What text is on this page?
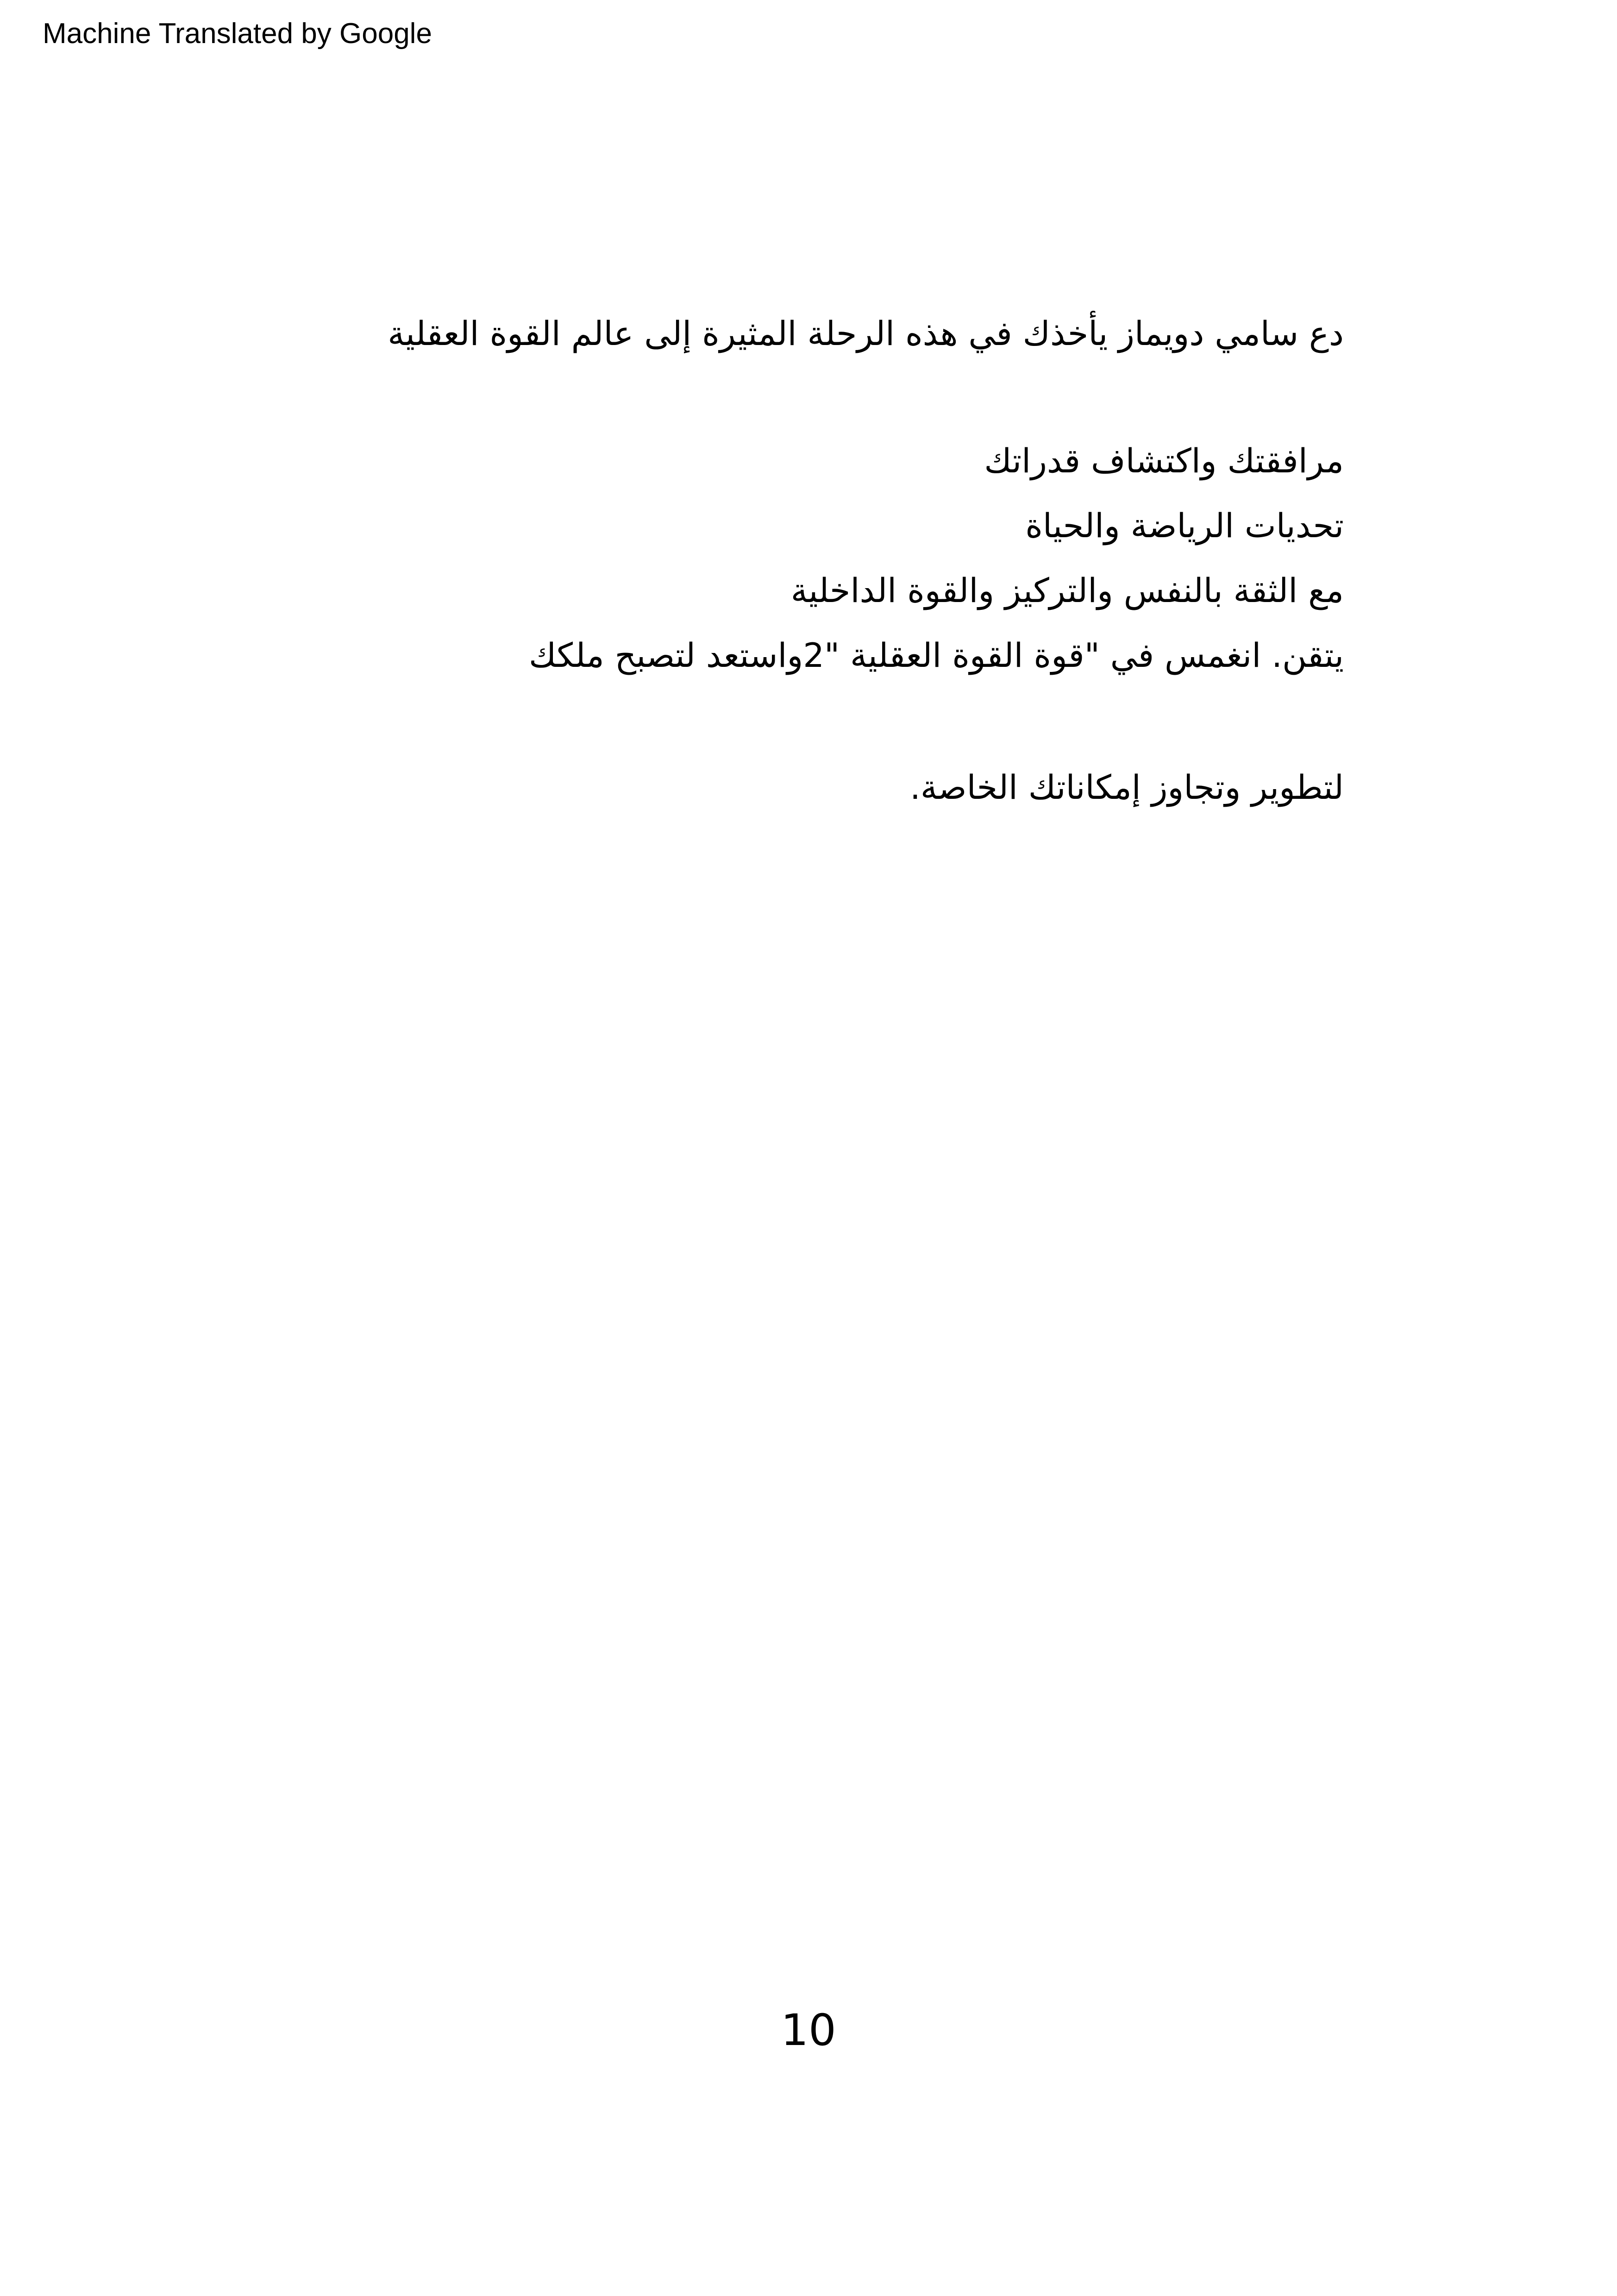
Machine Translated by Google
دع سامي دويماز يأخذك في هذه الرحلة المثيرة إلى عالم القوة العقلية
مرافقتك واكتشاف قدراتك
تحديات الرياضة والحياة
مع الثقة بالنفس والتركيز والقوة الداخلية
يتقن. انغمس في "قوة القوة العقلية "2واستعد لتصبح ملكك
لتطوير وتجاوز إمكاناتك الخاصة.
10
